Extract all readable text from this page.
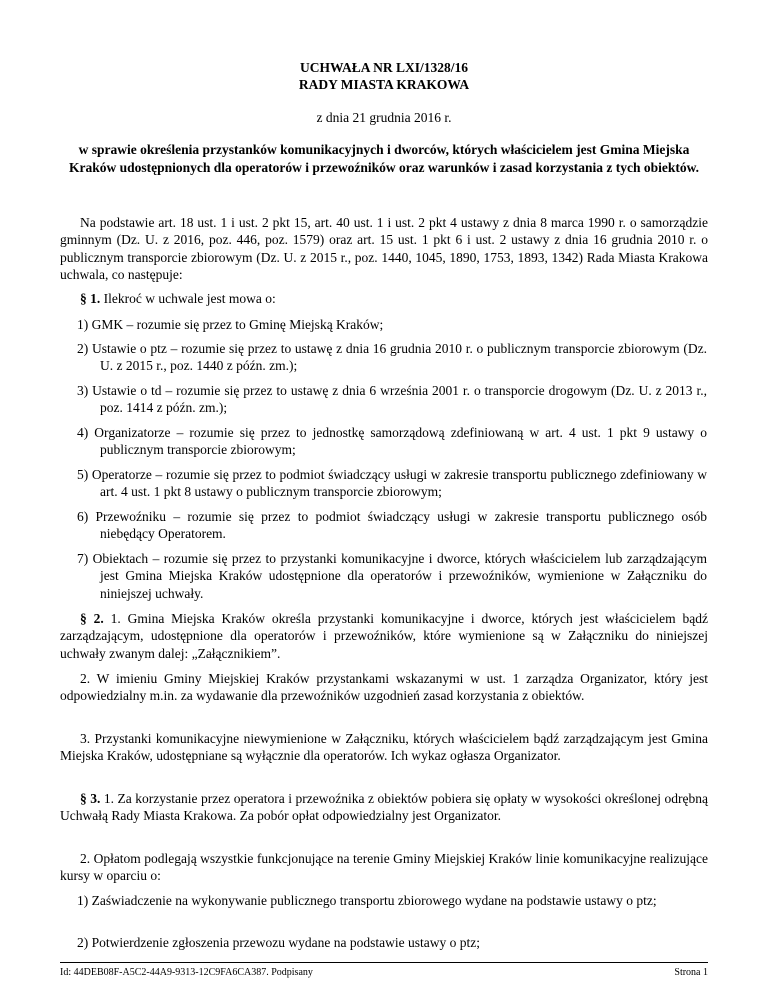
UCHWAŁA NR LXI/1328/16
RADY MIASTA KRAKOWA
z dnia 21 grudnia 2016 r.
w sprawie określenia przystanków komunikacyjnych i dworców, których właścicielem jest Gmina Miejska Kraków udostępnionych dla operatorów i przewoźników oraz warunków i zasad korzystania z tych obiektów.

Na podstawie art. 18 ust. 1 i ust. 2 pkt 15, art. 40 ust. 1 i ust. 2 pkt 4 ustawy z dnia 8 marca 1990 r. o samorządzie gminnym (Dz. U. z 2016, poz. 446, poz. 1579) oraz art. 15 ust. 1 pkt 6 i ust. 2 ustawy z dnia 16 grudnia 2010 r. o publicznym transporcie zbiorowym (Dz. U. z 2015 r., poz. 1440, 1045, 1890, 1753, 1893, 1342) Rada Miasta Krakowa uchwala, co następuje:

§ 1. Ilekroć w uchwale jest mowa o:

1) GMK – rozumie się przez to Gminę Miejską Kraków;

2) Ustawie o ptz – rozumie się przez to ustawę z dnia 16 grudnia 2010 r. o publicznym transporcie zbiorowym (Dz. U. z 2015 r., poz. 1440 z późn. zm.);

3) Ustawie o td – rozumie się przez to ustawę z dnia 6 września 2001 r. o transporcie drogowym (Dz. U. z 2013 r., poz. 1414 z późn. zm.);

4) Organizatorze – rozumie się przez to jednostkę samorządową zdefiniowaną w art. 4 ust. 1 pkt 9 ustawy o publicznym transporcie zbiorowym;

5) Operatorze – rozumie się przez to podmiot świadczący usługi w zakresie transportu publicznego zdefiniowany w art. 4 ust. 1 pkt 8 ustawy o publicznym transporcie zbiorowym;

6) Przewoźniku – rozumie się przez to podmiot świadczący usługi w zakresie transportu publicznego osób niebędący Operatorem.

7) Obiektach – rozumie się przez to przystanki komunikacyjne i dworce, których właścicielem lub zarządzającym jest Gmina Miejska Kraków udostępnione dla operatorów i przewoźników, wymienione w Załączniku do niniejszej uchwały.

§ 2. 1. Gmina Miejska Kraków określa przystanki komunikacyjne i dworce, których jest właścicielem bądź zarządzającym, udostępnione dla operatorów i przewoźników, które wymienione są w Załączniku do niniejszej uchwały zwanym dalej: „Załącznikiem”.

2. W imieniu Gminy Miejskiej Kraków przystankami wskazanymi w ust. 1 zarządza Organizator, który jest odpowiedzialny m.in. za wydawanie dla przewoźników uzgodnień zasad korzystania z obiektów.

3. Przystanki komunikacyjne niewymienione w Załączniku, których właścicielem bądź zarządzającym jest Gmina Miejska Kraków, udostępniane są wyłącznie dla operatorów. Ich wykaz ogłasza Organizator.

§ 3. 1. Za korzystanie przez operatora i przewoźnika z obiektów pobiera się opłaty w wysokości określonej odrębną Uchwałą Rady Miasta Krakowa. Za pobór opłat odpowiedzialny jest Organizator.

2. Opłatom podlegają wszystkie funkcjonujące na terenie Gminy Miejskiej Kraków linie komunikacyjne realizujące kursy w oparciu o:

1) Zaświadczenie na wykonywanie publicznego transportu zbiorowego wydane na podstawie ustawy o ptz;

2) Potwierdzenie zgłoszenia przewozu wydane na podstawie ustawy o ptz;

Id: 44DEB08F-A5C2-44A9-9313-12C9FA6CA387. Podpisany	Strona 1
